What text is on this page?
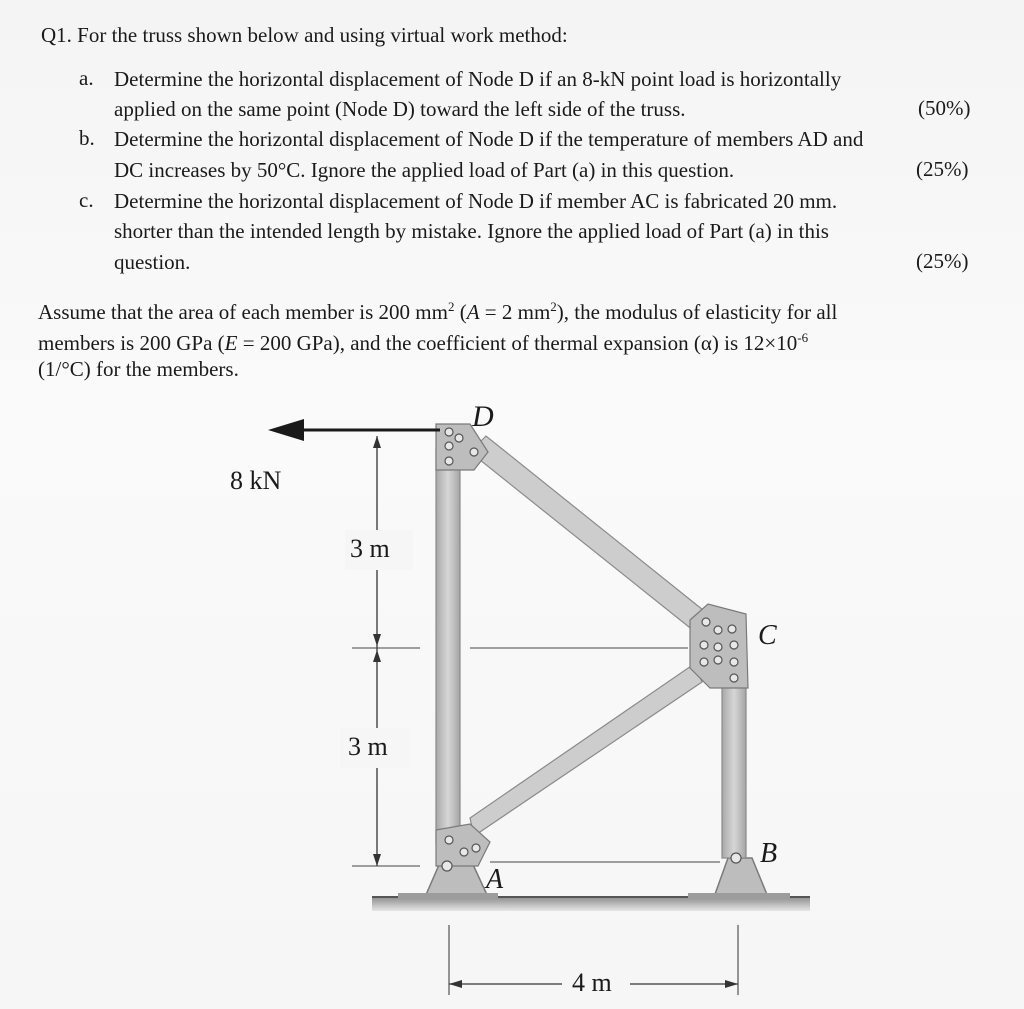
Q1. For the truss shown below and using virtual work method:
a. Determine the horizontal displacement of Node D if an 8-kN point load is horizontally
applied on the same point (Node D) toward the left side of the truss.	(50%)
b. Determine the horizontal displacement of Node D if the temperature of members AD and
DC increases by 50°C. Ignore the applied load of Part (a) in this question.	(25%)
c. Determine the horizontal displacement of Node D if member AC is fabricated 20 mm.
shorter than the intended length by mistake. Ignore the applied load of Part (a) in this
question.	(25%)
Assume that the area of each member is 200 $mm^2$ (A = 2 $mm^2$), the modulus of elasticity for all
members is 200 GPa (E = 200 GPa), and the coefficient of thermal expansion (α) is $12\times 10^{-6}$
(1/°C) for the members.
8 kN
3 m
3 m
4 m
D
C
B
A
